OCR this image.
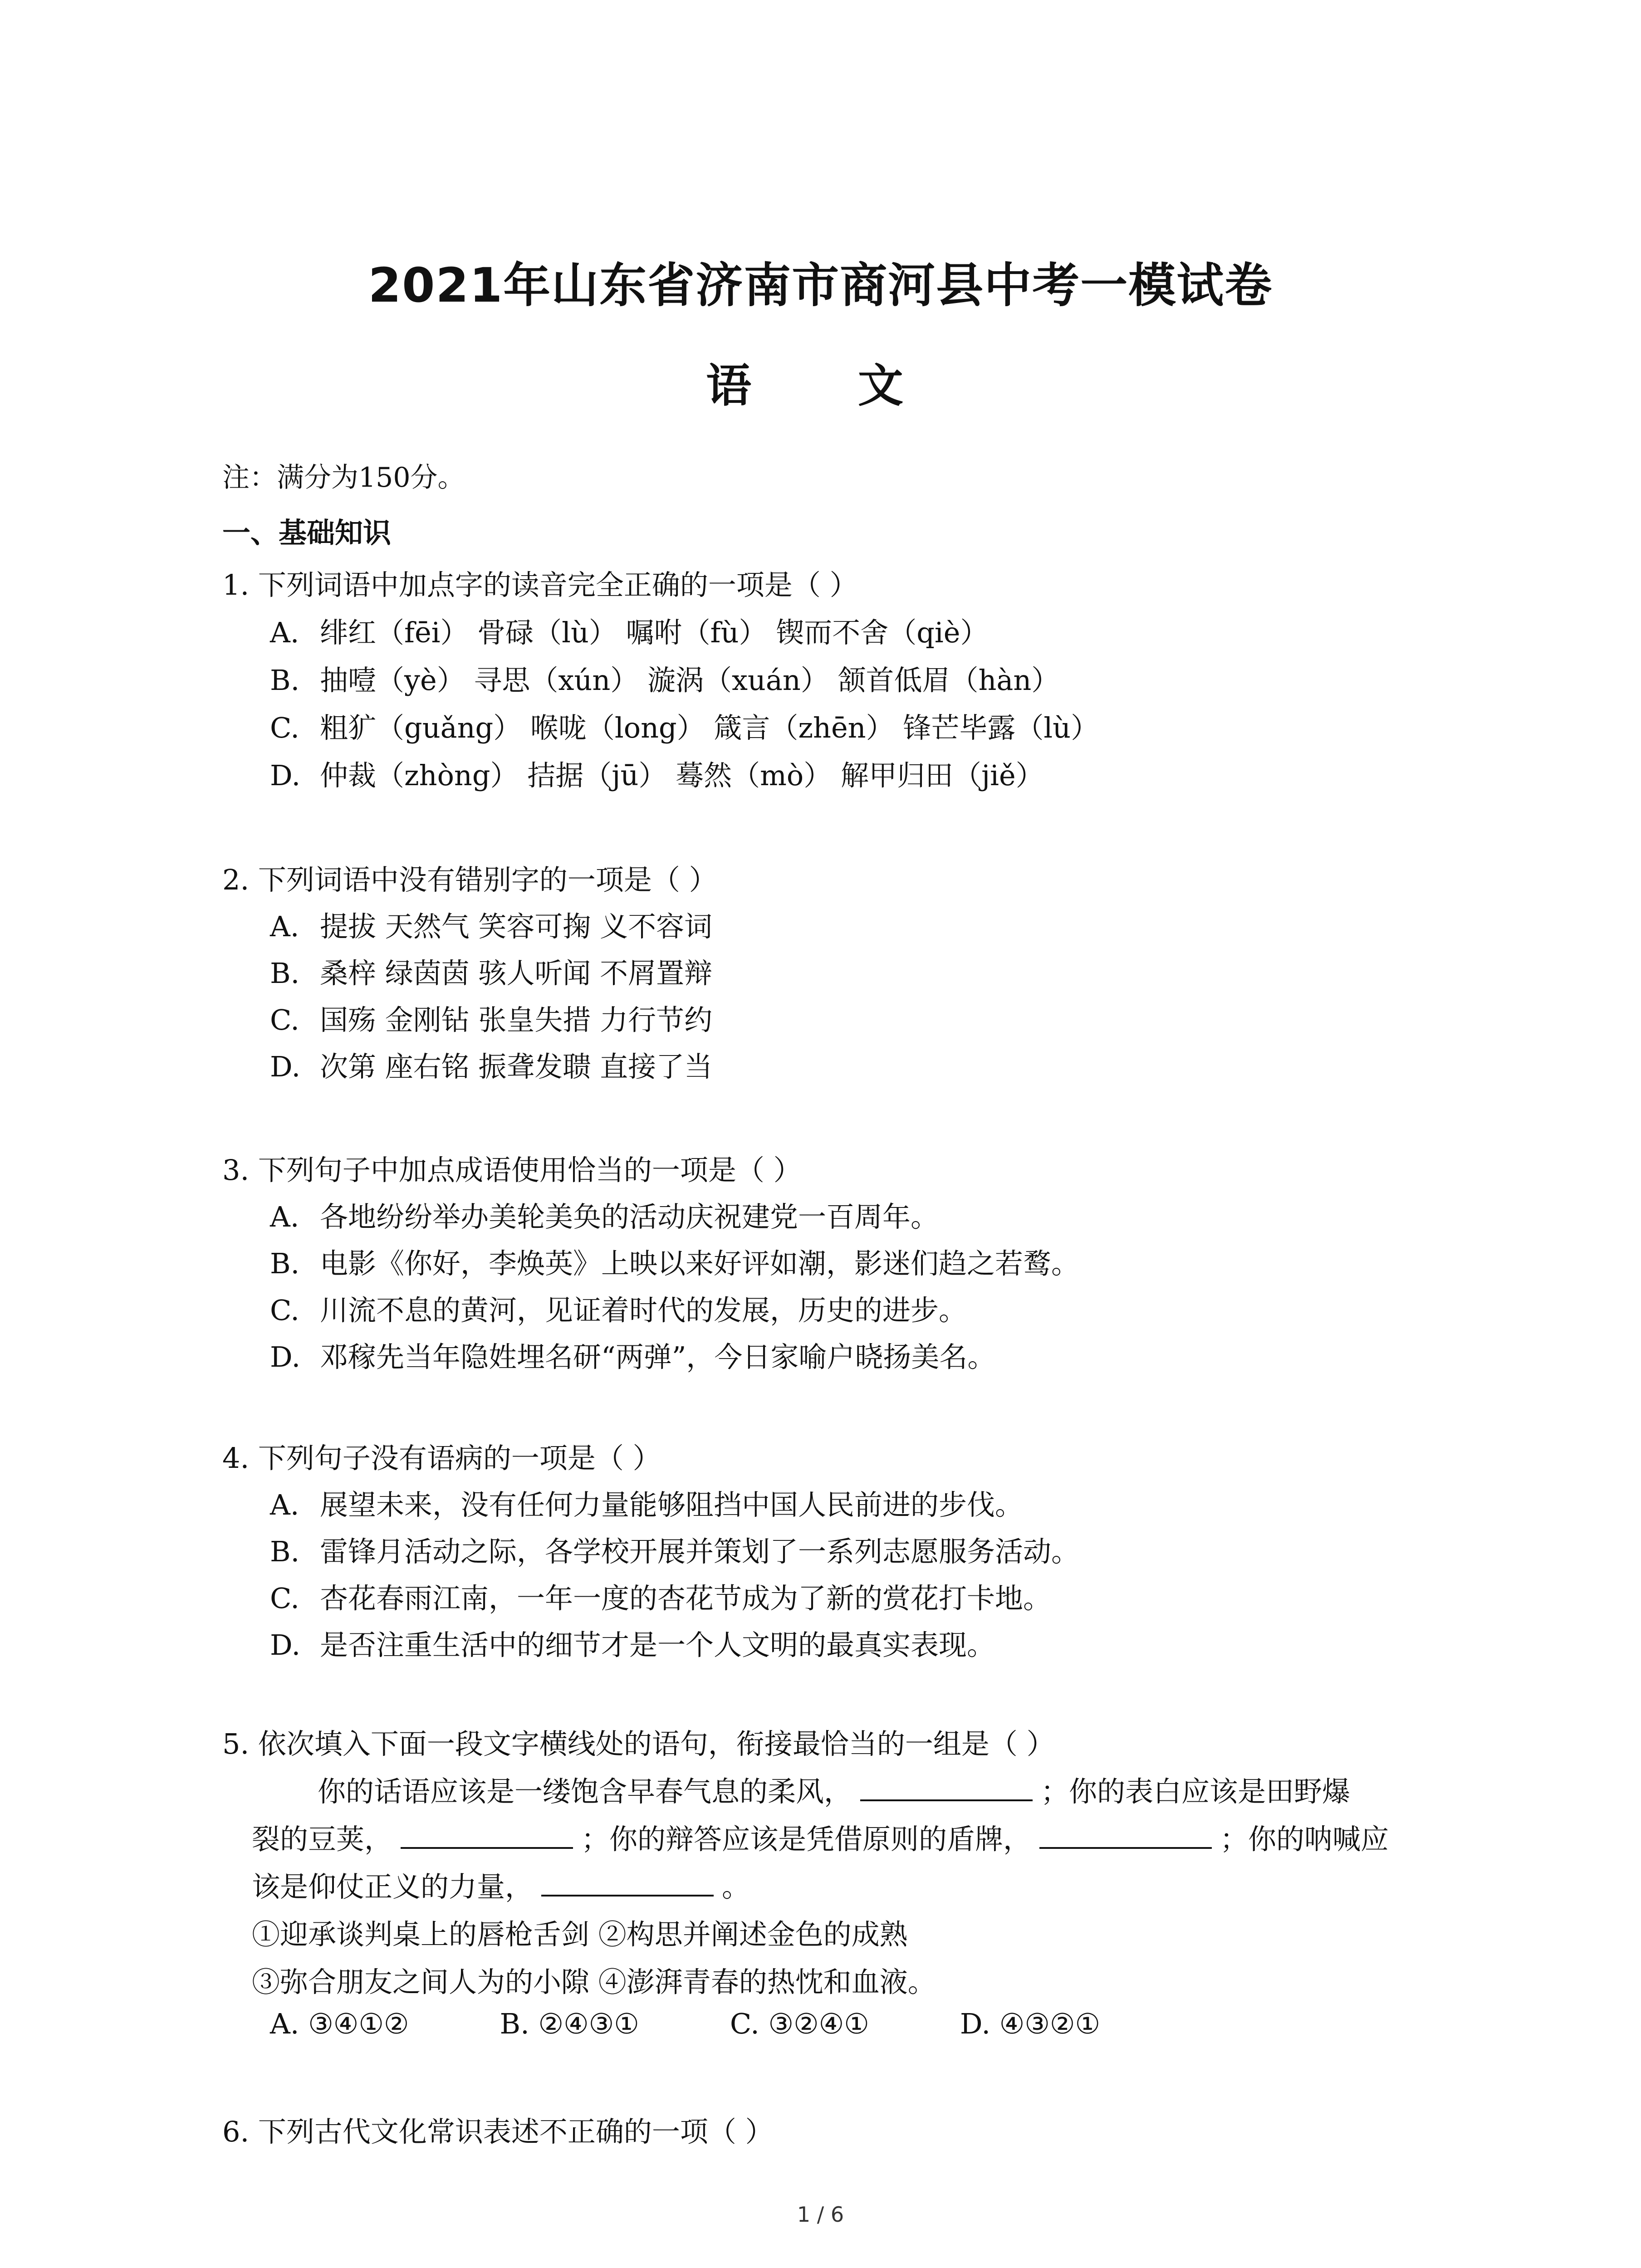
2021年山东省济南市商河县中考一模试卷
语 文
注：满分为150分。
一、基础知识
1. 下列词语中加点字的读音完全正确的一项是（ ）
A. 绯红（fēi） 骨碌（lù） 嘱咐（fù） 锲而不舍（qiè）
B. 抽噎（yè） 寻思（xún） 漩涡（xuán） 颔首低眉（hàn）
C. 粗犷（guǎng） 喉咙（long） 箴言（zhēn） 锋芒毕露（lù）
D. 仲裁（zhòng） 拮据（jū） 蓦然（mò） 解甲归田（jiě）
2. 下列词语中没有错别字的一项是（ ）
A. 提拔 天然气 笑容可掬 义不容词
B. 桑梓 绿茵茵 骇人听闻 不屑置辩
C. 国殇 金刚钻 张皇失措 力行节约
D. 次第 座右铭 振聋发聩 直接了当
3. 下列句子中加点成语使用恰当的一项是（ ）
A. 各地纷纷举办美轮美奂的活动庆祝建党一百周年。
B. 电影《你好，李焕英》上映以来好评如潮，影迷们趋之若鹜。
C. 川流不息的黄河，见证着时代的发展，历史的进步。
D. 邓稼先当年隐姓埋名研“两弹”，今日家喻户晓扬美名。
4. 下列句子没有语病的一项是（ ）
A. 展望未来，没有任何力量能够阻挡中国人民前进的步伐。
B. 雷锋月活动之际，各学校开展并策划了一系列志愿服务活动。
C. 杏花春雨江南，一年一度的杏花节成为了新的赏花打卡地。
D. 是否注重生活中的细节才是一个人文明的最真实表现。
5. 依次填入下面一段文字横线处的语句，衔接最恰当的一组是（ ）
你的话语应该是一缕饱含早春气息的柔风，	；你的表白应该是田野爆
裂的豆荚，	；你的辩答应该是凭借原则的盾牌，	；你的呐喊应
该是仰仗正义的力量，	。
①迎承谈判桌上的唇枪舌剑 ②构思并阐述金色的成熟
③弥合朋友之间人为的小隙 ④澎湃青春的热忱和血液。
A. ③④①②	B. ②④③①	C. ③②④①	D. ④③②①
6. 下列古代文化常识表述不正确的一项（ ）
1 / 6
